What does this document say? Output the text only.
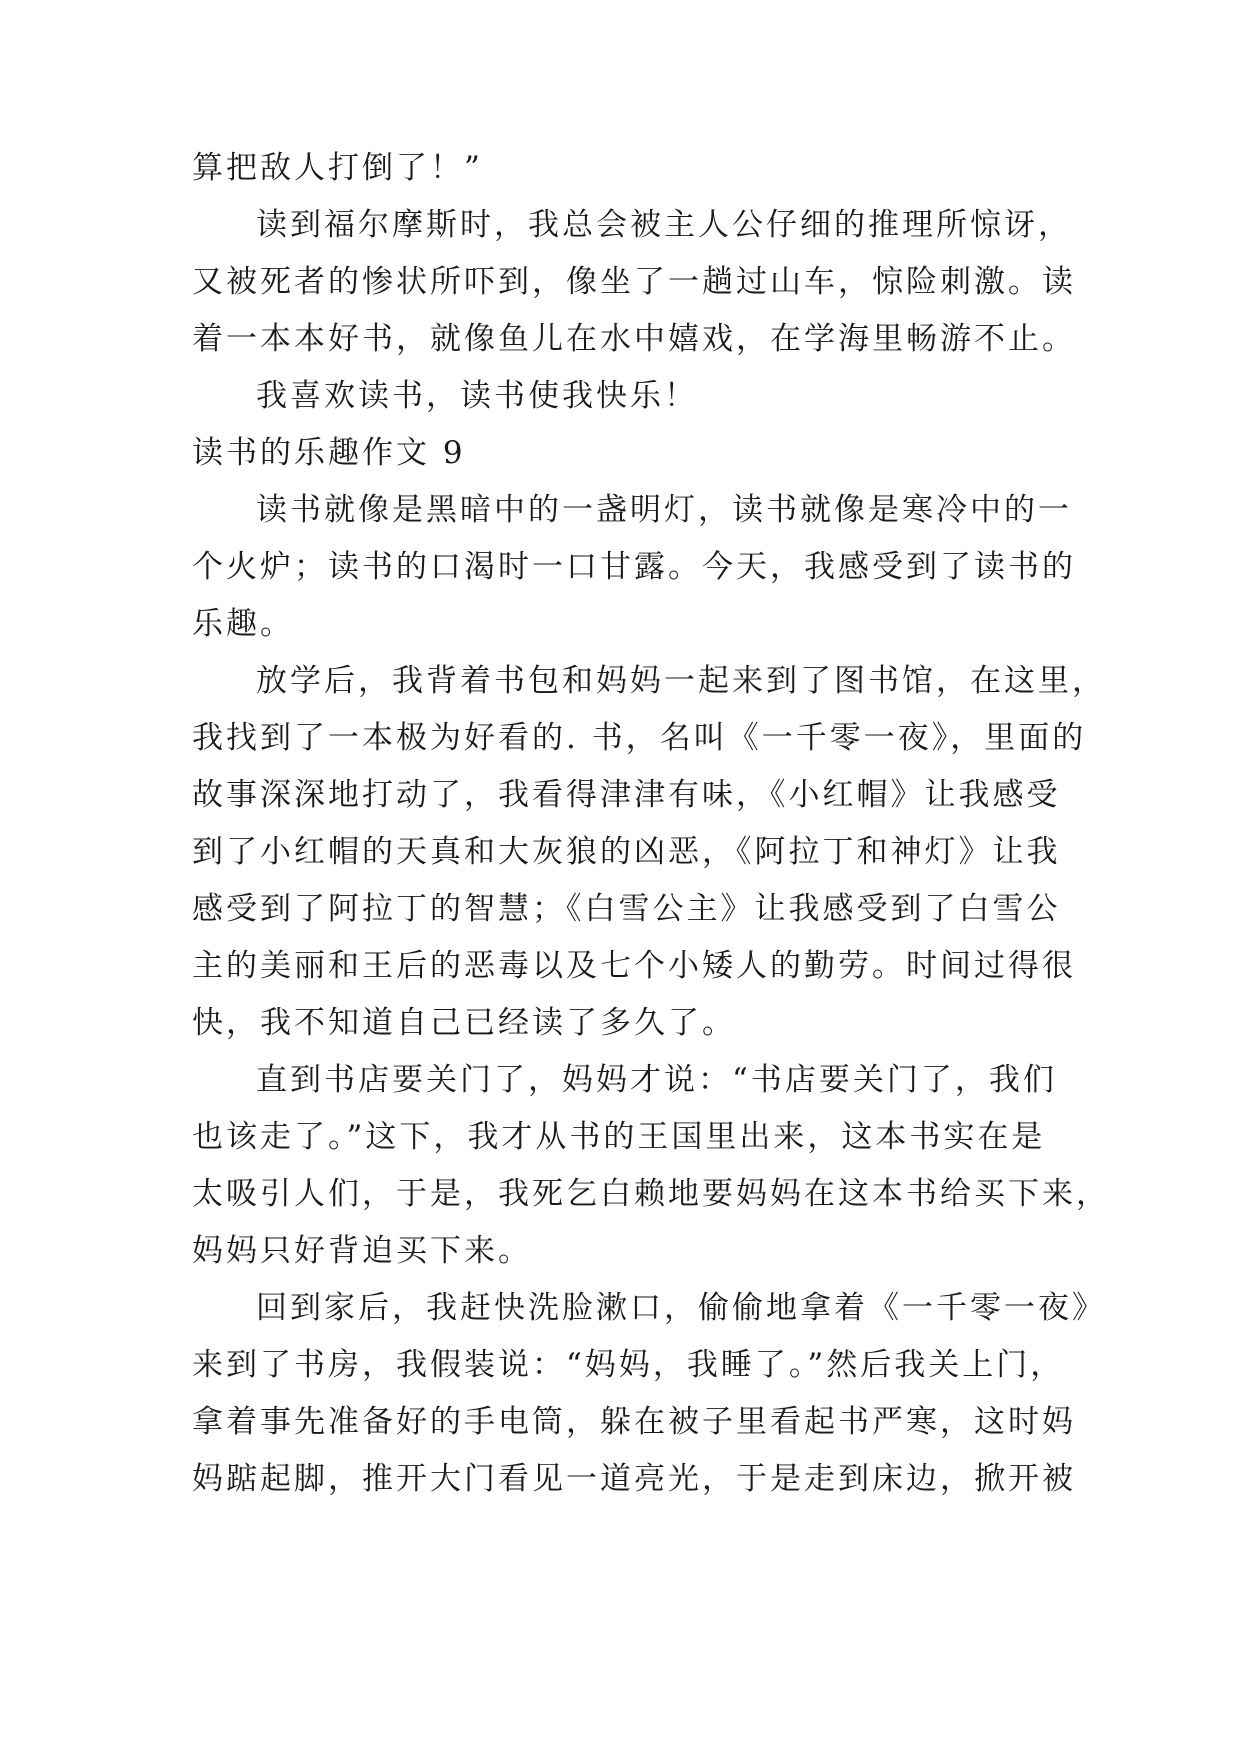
算把敌人打倒了！”
读到福尔摩斯时，我总会被主人公仔细的推理所惊讶，
又被死者的惨状所吓到，像坐了一趟过山车，惊险刺激。读
着一本本好书，就像鱼儿在水中嬉戏，在学海里畅游不止。
我喜欢读书，读书使我快乐！
读书的乐趣作文 9
读书就像是黑暗中的一盏明灯，读书就像是寒冷中的一
个火炉；读书的口渴时一口甘露。今天，我感受到了读书的
乐趣。
放学后，我背着书包和妈妈一起来到了图书馆，在这里，
我找到了一本极为好看的. 书，名叫《一千零一夜》，里面的
故事深深地打动了，我看得津津有味，《小红帽》让我感受
到了小红帽的天真和大灰狼的凶恶，《阿拉丁和神灯》让我
感受到了阿拉丁的智慧；《白雪公主》让我感受到了白雪公
主的美丽和王后的恶毒以及七个小矮人的勤劳。时间过得很
快，我不知道自己已经读了多久了。
直到书店要关门了，妈妈才说：“书店要关门了，我们
也该走了。”这下，我才从书的王国里出来，这本书实在是
太吸引人们，于是，我死乞白赖地要妈妈在这本书给买下来，
妈妈只好背迫买下来。
回到家后，我赶快洗脸漱口，偷偷地拿着《一千零一夜》
来到了书房，我假装说：“妈妈，我睡了。”然后我关上门，
拿着事先准备好的手电筒，躲在被子里看起书严寒，这时妈
妈踮起脚，推开大门看见一道亮光，于是走到床边，掀开被
